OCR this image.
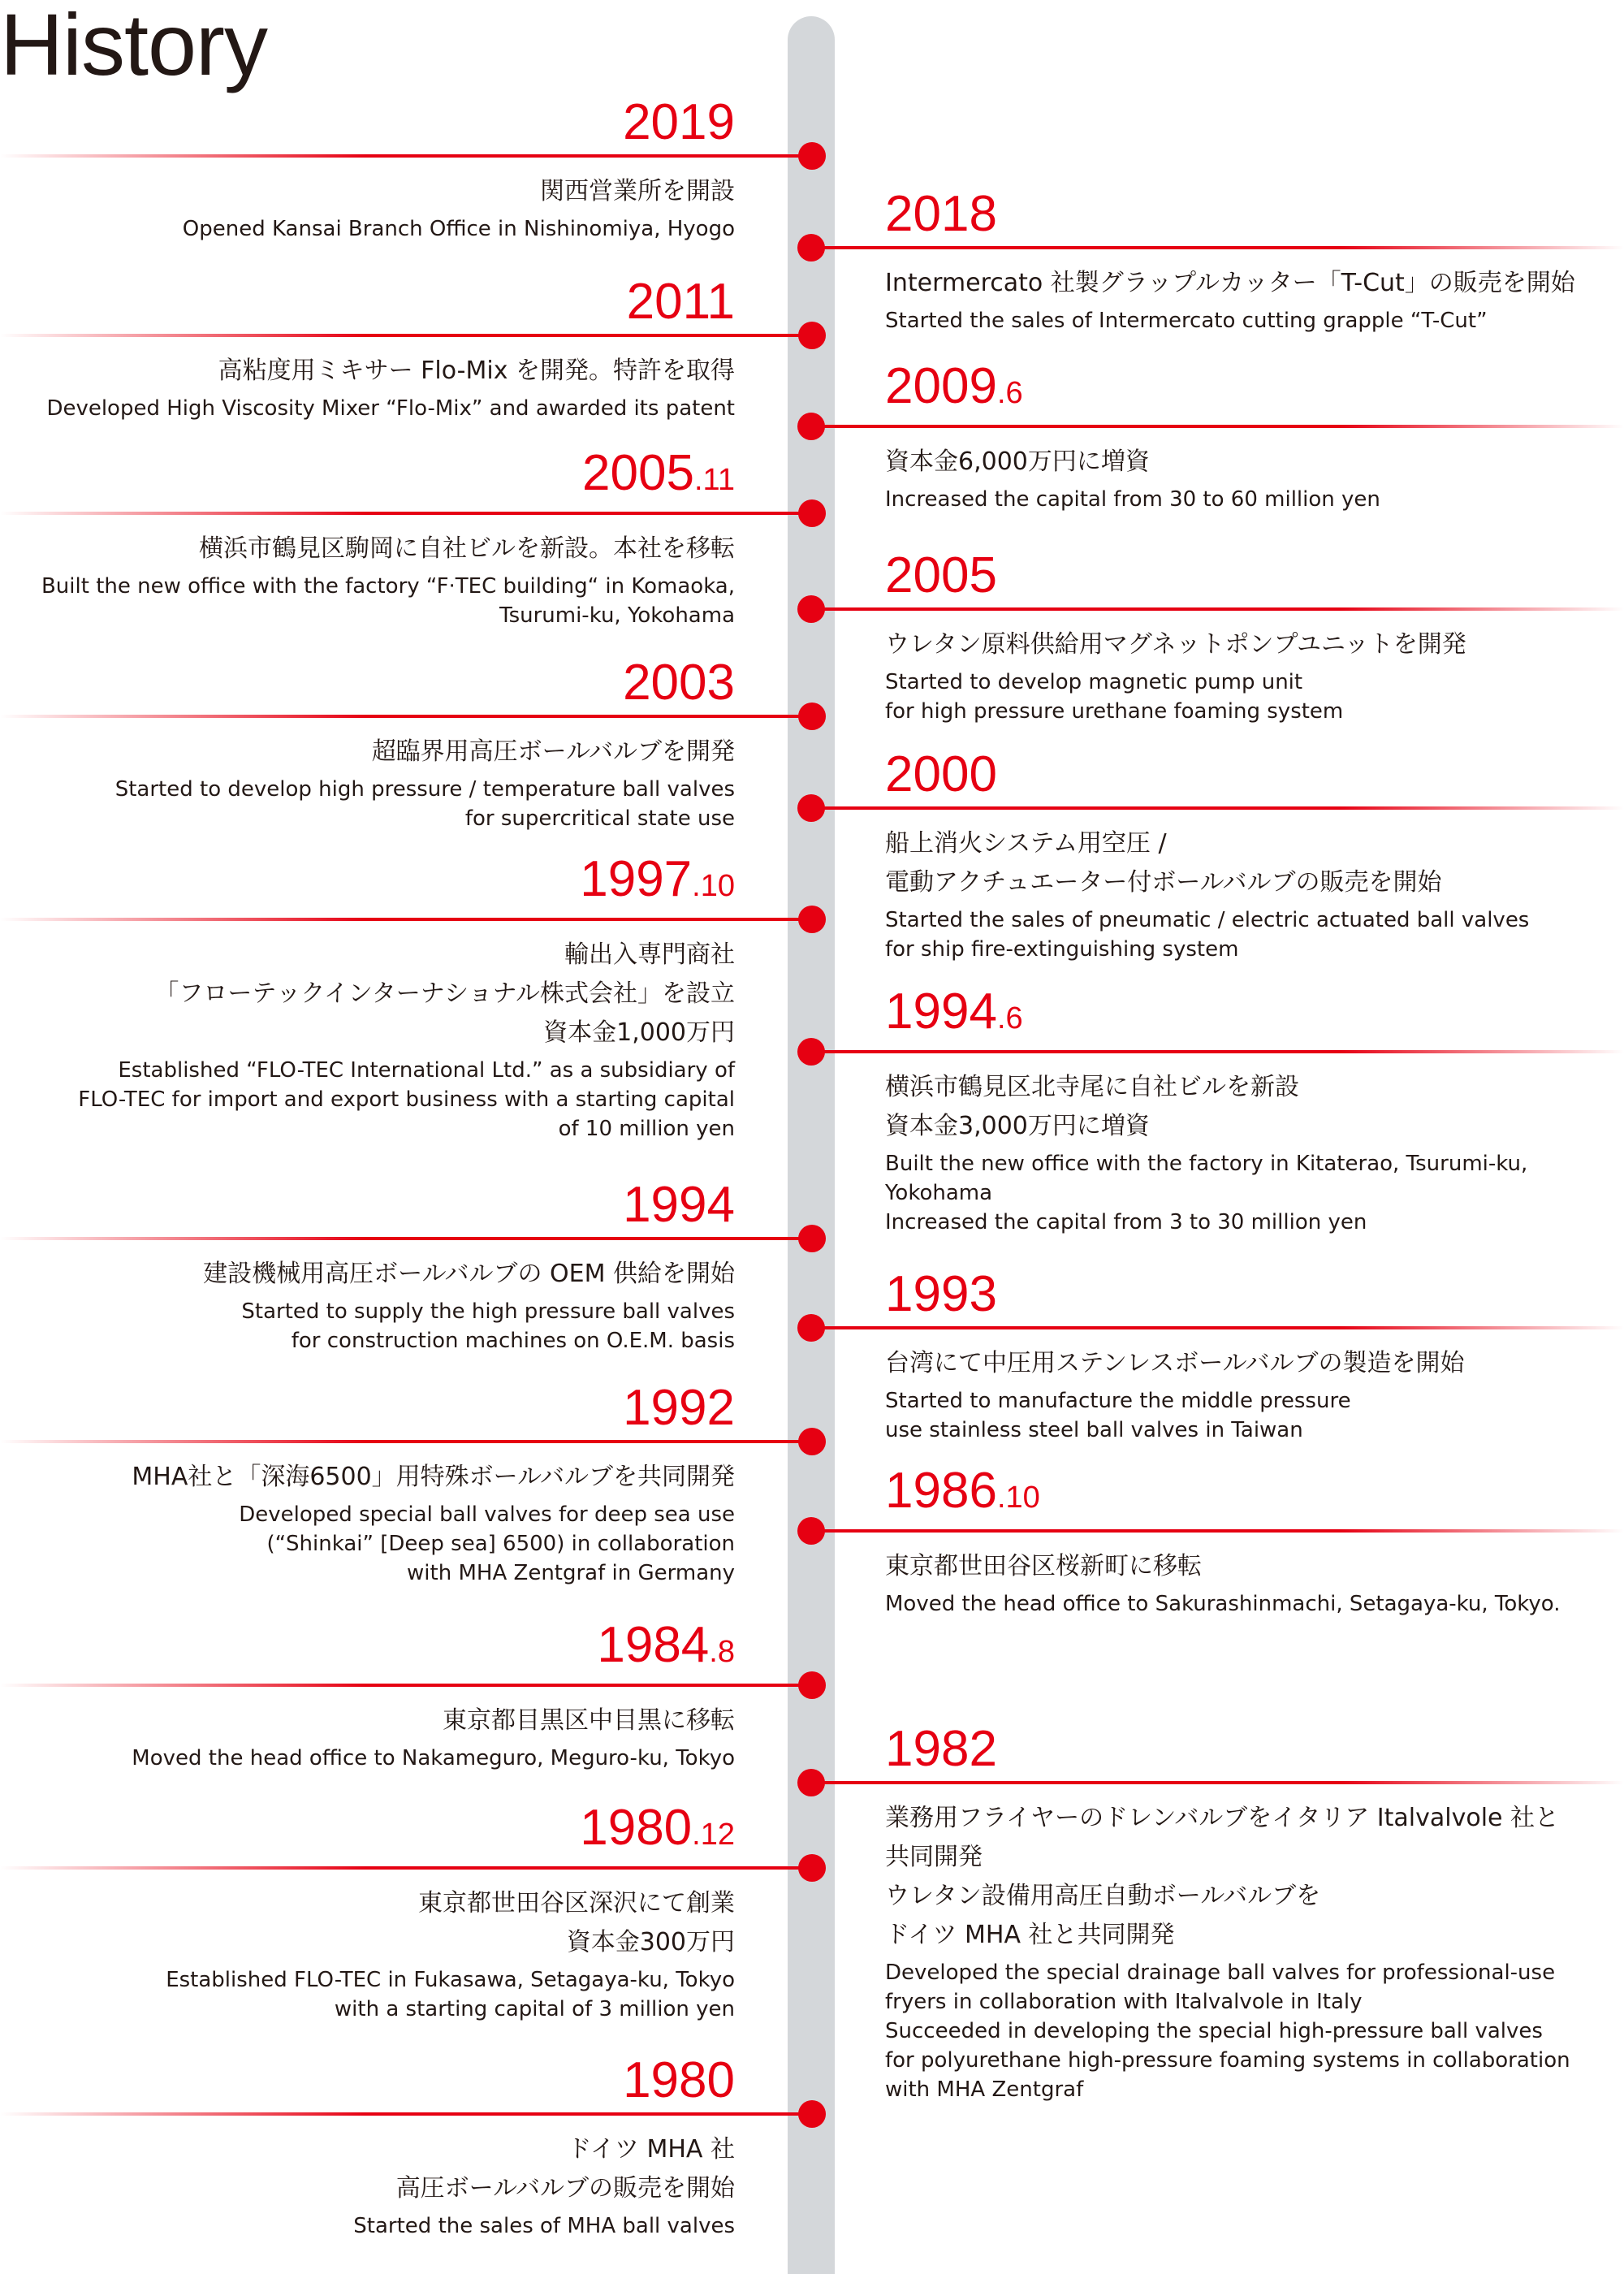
History
2019
関西営業所を開設
Opened Kansai Branch Office in Nishinomiya, Hyogo	2018
Intermercato 社製グラップルカッター「T-Cut」の販売を開始
Started the sales of Intermercato cutting grapple “T-Cut”
2011
高粘度用ミキサー Flo-Mix を開発。特許を取得
Developed High Viscosity Mixer “Flo-Mix” and awarded its patent	2009.6
資本金6,000万円に増資
Increased the capital from 30 to 60 million yen
2005.11
横浜市鶴見区駒岡に自社ビルを新設。本社を移転
Built the new office with the factory “F·TEC building“ in Komaoka,
Tsurumi-ku, Yokohama
2005
ウレタン原料供給用マグネットポンプユニットを開発
Started to develop magnetic pump unit
for high pressure urethane foaming system
2003
超臨界用高圧ボールバルブを開発
Started to develop high pressure / temperature ball valves
for supercritical state use
2000
船上消火システム用空圧 /
電動アクチュエーター付ボールバルブの販売を開始
Started the sales of pneumatic / electric actuated ball valves
for ship fire-extinguishing system
1997.10
輸出入専門商社
「フローテックインターナショナル株式会社」を設立
資本金1,000万円
Established “FLO-TEC International Ltd.” as a subsidiary of
FLO-TEC for import and export business with a starting capital
of 10 million yen
1994.6
横浜市鶴見区北寺尾に自社ビルを新設
資本金3,000万円に増資
Built the new office with the factory in Kitaterao, Tsurumi-ku,
Yokohama
Increased the capital from 3 to 30 million yen
1994
建設機械用高圧ボールバルブの OEM 供給を開始
Started to supply the high pressure ball valves
for construction machines on O.E.M. basis
1993
台湾にて中圧用ステンレスボールバルブの製造を開始
Started to manufacture the middle pressure
use stainless steel ball valves in Taiwan
1992
MHA社と「深海6500」用特殊ボールバルブを共同開発
Developed special ball valves for deep sea use
(“Shinkai” [Deep sea] 6500) in collaboration
with MHA Zentgraf in Germany
1986.10
東京都世田谷区桜新町に移転
Moved the head office to Sakurashinmachi, Setagaya-ku, Tokyo.
1984.8
東京都目黒区中目黒に移転
Moved the head office to Nakameguro, Meguro-ku, Tokyo	1982
業務用フライヤーのドレンバルブをイタリア Italvalvole 社と
共同開発
ウレタン設備用高圧自動ボールバルブを
ドイツ MHA 社と共同開発
Developed the special drainage ball valves for professional-use
fryers in collaboration with Italvalvole in Italy
Succeeded in developing the special high-pressure ball valves
for polyurethane high-pressure foaming systems in collaboration
with MHA Zentgraf
1980.12
東京都世田谷区深沢にて創業
資本金300万円
Established FLO-TEC in Fukasawa, Setagaya-ku, Tokyo
with a starting capital of 3 million yen
1980
ドイツ MHA 社
高圧ボールバルブの販売を開始
Started the sales of MHA ball valves
